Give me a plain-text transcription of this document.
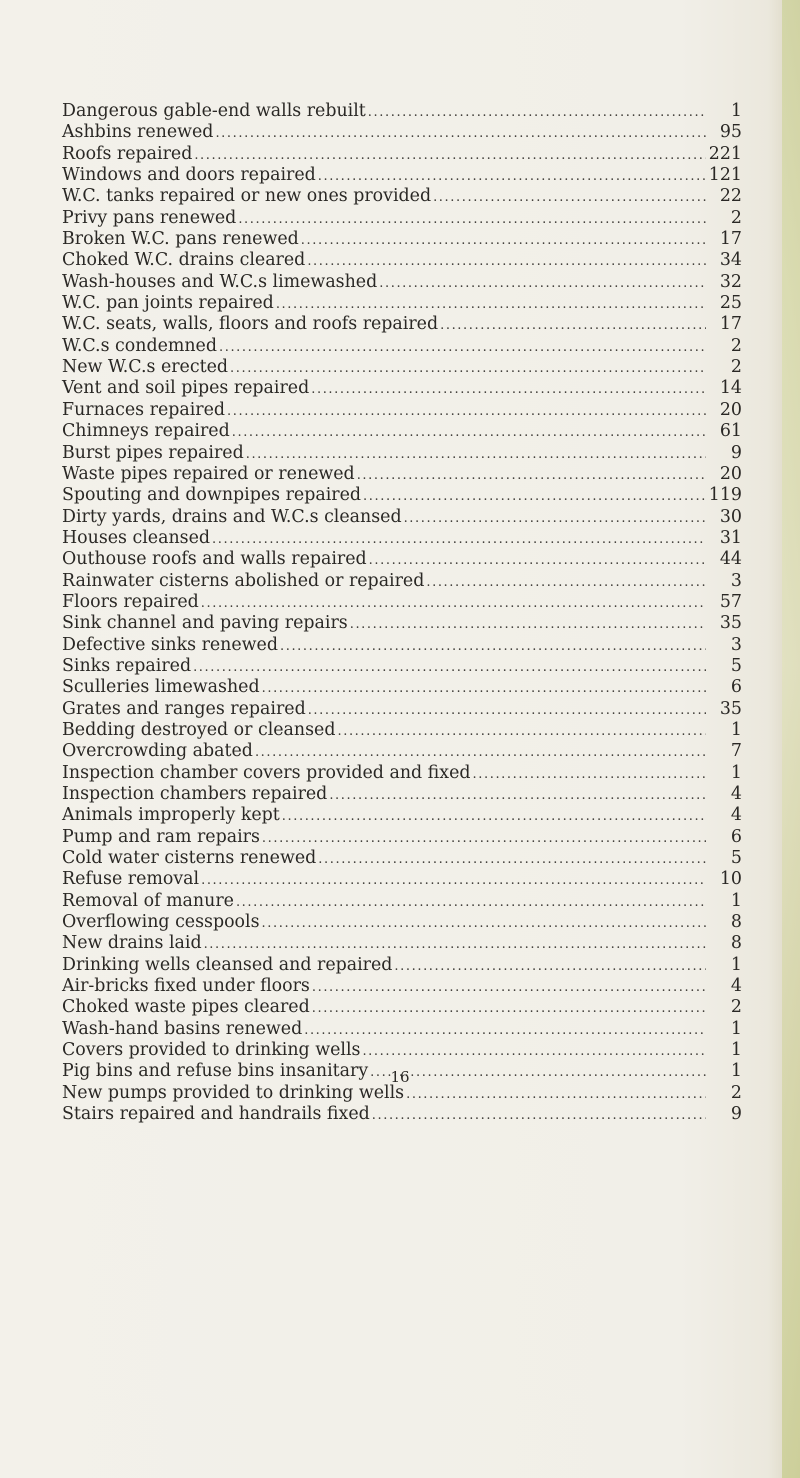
Dangerous gable-end walls rebuilt .....	1
Ashbins renewed .....	95
Roofs repaired .....	221
Windows and doors repaired .....	121
W.C. tanks repaired or new ones provided .....	22
Privy pans renewed .....	2
Broken W.C. pans renewed .....	17
Choked W.C. drains cleared .....	34
Wash-houses and W.C.s limewashed .....	32
W.C. pan joints repaired .....	25
W.C. seats, walls, floors and roofs repaired .....	17
W.C.s condemned .....	2
New W.C.s erected .....	2
Vent and soil pipes repaired .....	14
Furnaces repaired .....	20
Chimneys repaired .....	61
Burst pipes repaired .....	9
Waste pipes repaired or renewed .....	20
Spouting and downpipes repaired .....	119
Dirty yards, drains and W.C.s cleansed .....	30
Houses cleansed .....	31
Outhouse roofs and walls repaired .....	44
Rainwater cisterns abolished or repaired .....	3
Floors repaired .....	57
Sink channel and paving repairs .....	35
Defective sinks renewed .....	3
Sinks repaired .....	5
Sculleries limewashed .....	6
Grates and ranges repaired .....	35
Bedding destroyed or cleansed .....	1
Overcrowding abated .....	7
Inspection chamber covers provided and fixed .....	1
Inspection chambers repaired .....	4
Animals improperly kept .....	4
Pump and ram repairs .....	6
Cold water cisterns renewed .....	5
Refuse removal .....	10
Removal of manure .....	1
Overflowing cesspools .....	8
New drains laid .....	8
Drinking wells cleansed and repaired .....	1
Air-bricks fixed under floors .....	4
Choked waste pipes cleared .....	2
Wash-hand basins renewed .....	1
Covers provided to drinking wells .....	1
Pig bins and refuse bins insanitary .....	1
New pumps provided to drinking wells .....	2
Stairs repaired and handrails fixed .....	9
16
